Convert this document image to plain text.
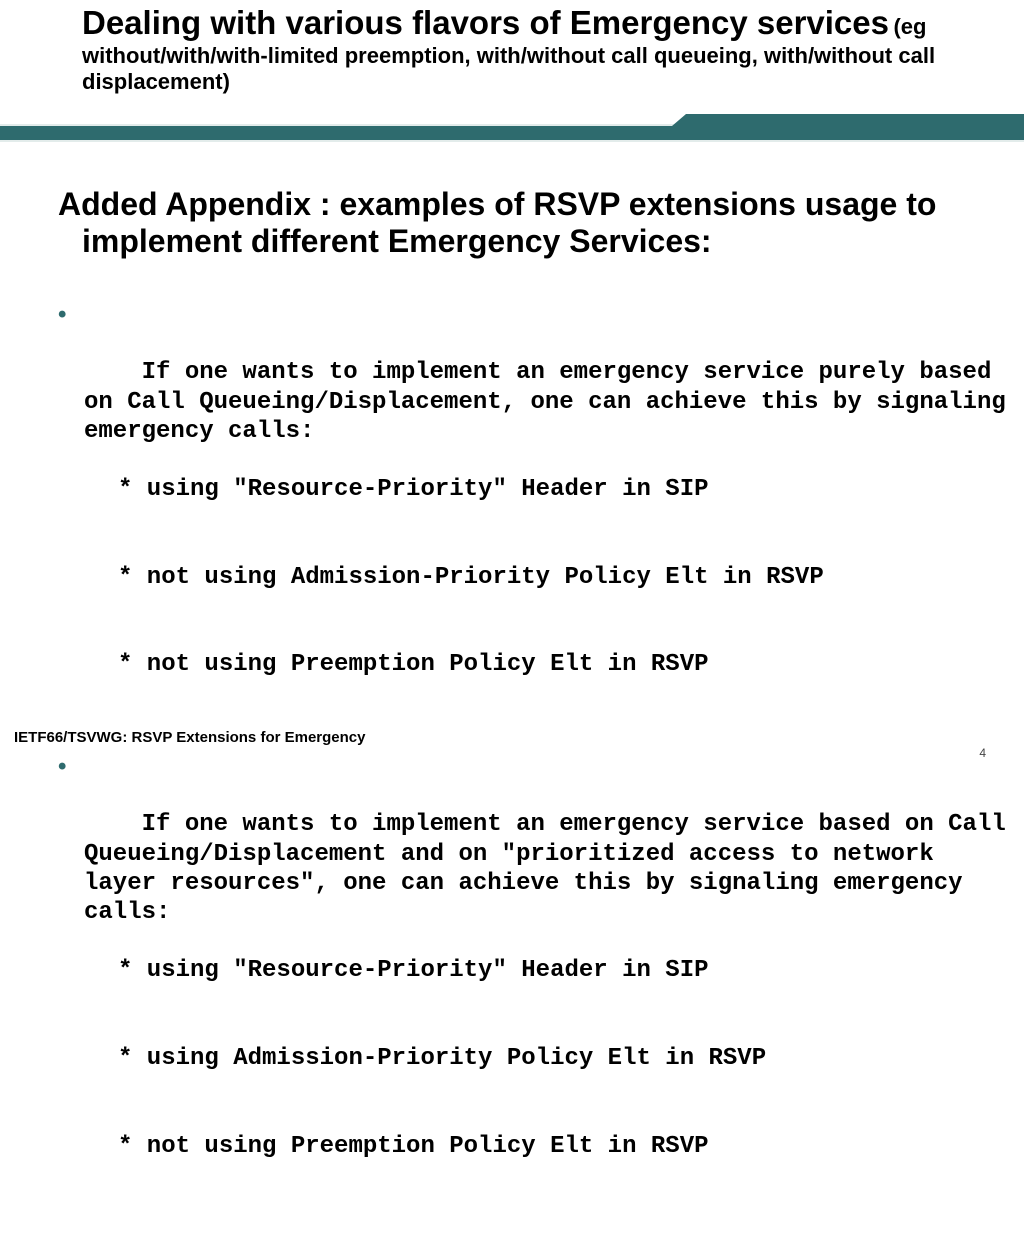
Dealing with various flavors of Emergency services (eg without/with/with-limited preemption, with/without call queueing, with/without call displacement)
Added Appendix : examples of RSVP extensions usage to implement different Emergency Services:

•

If one wants to implement an emergency service purely based on Call Queueing/Displacement, one can achieve this by signaling emergency calls:

* using "Resource-Priority" Header in SIP

* not using Admission-Priority Policy Elt in RSVP

* not using Preemption Policy Elt in RSVP

•

If one wants to implement an emergency service based on Call Queueing/Displacement and on "prioritized access to network layer resources", one can achieve this by signaling emergency calls:

* using "Resource-Priority" Header in SIP

* using Admission-Priority Policy Elt in RSVP

* not using Preemption Policy Elt in RSVP

IETF66/TSVWG: RSVP Extensions for Emergency
4
